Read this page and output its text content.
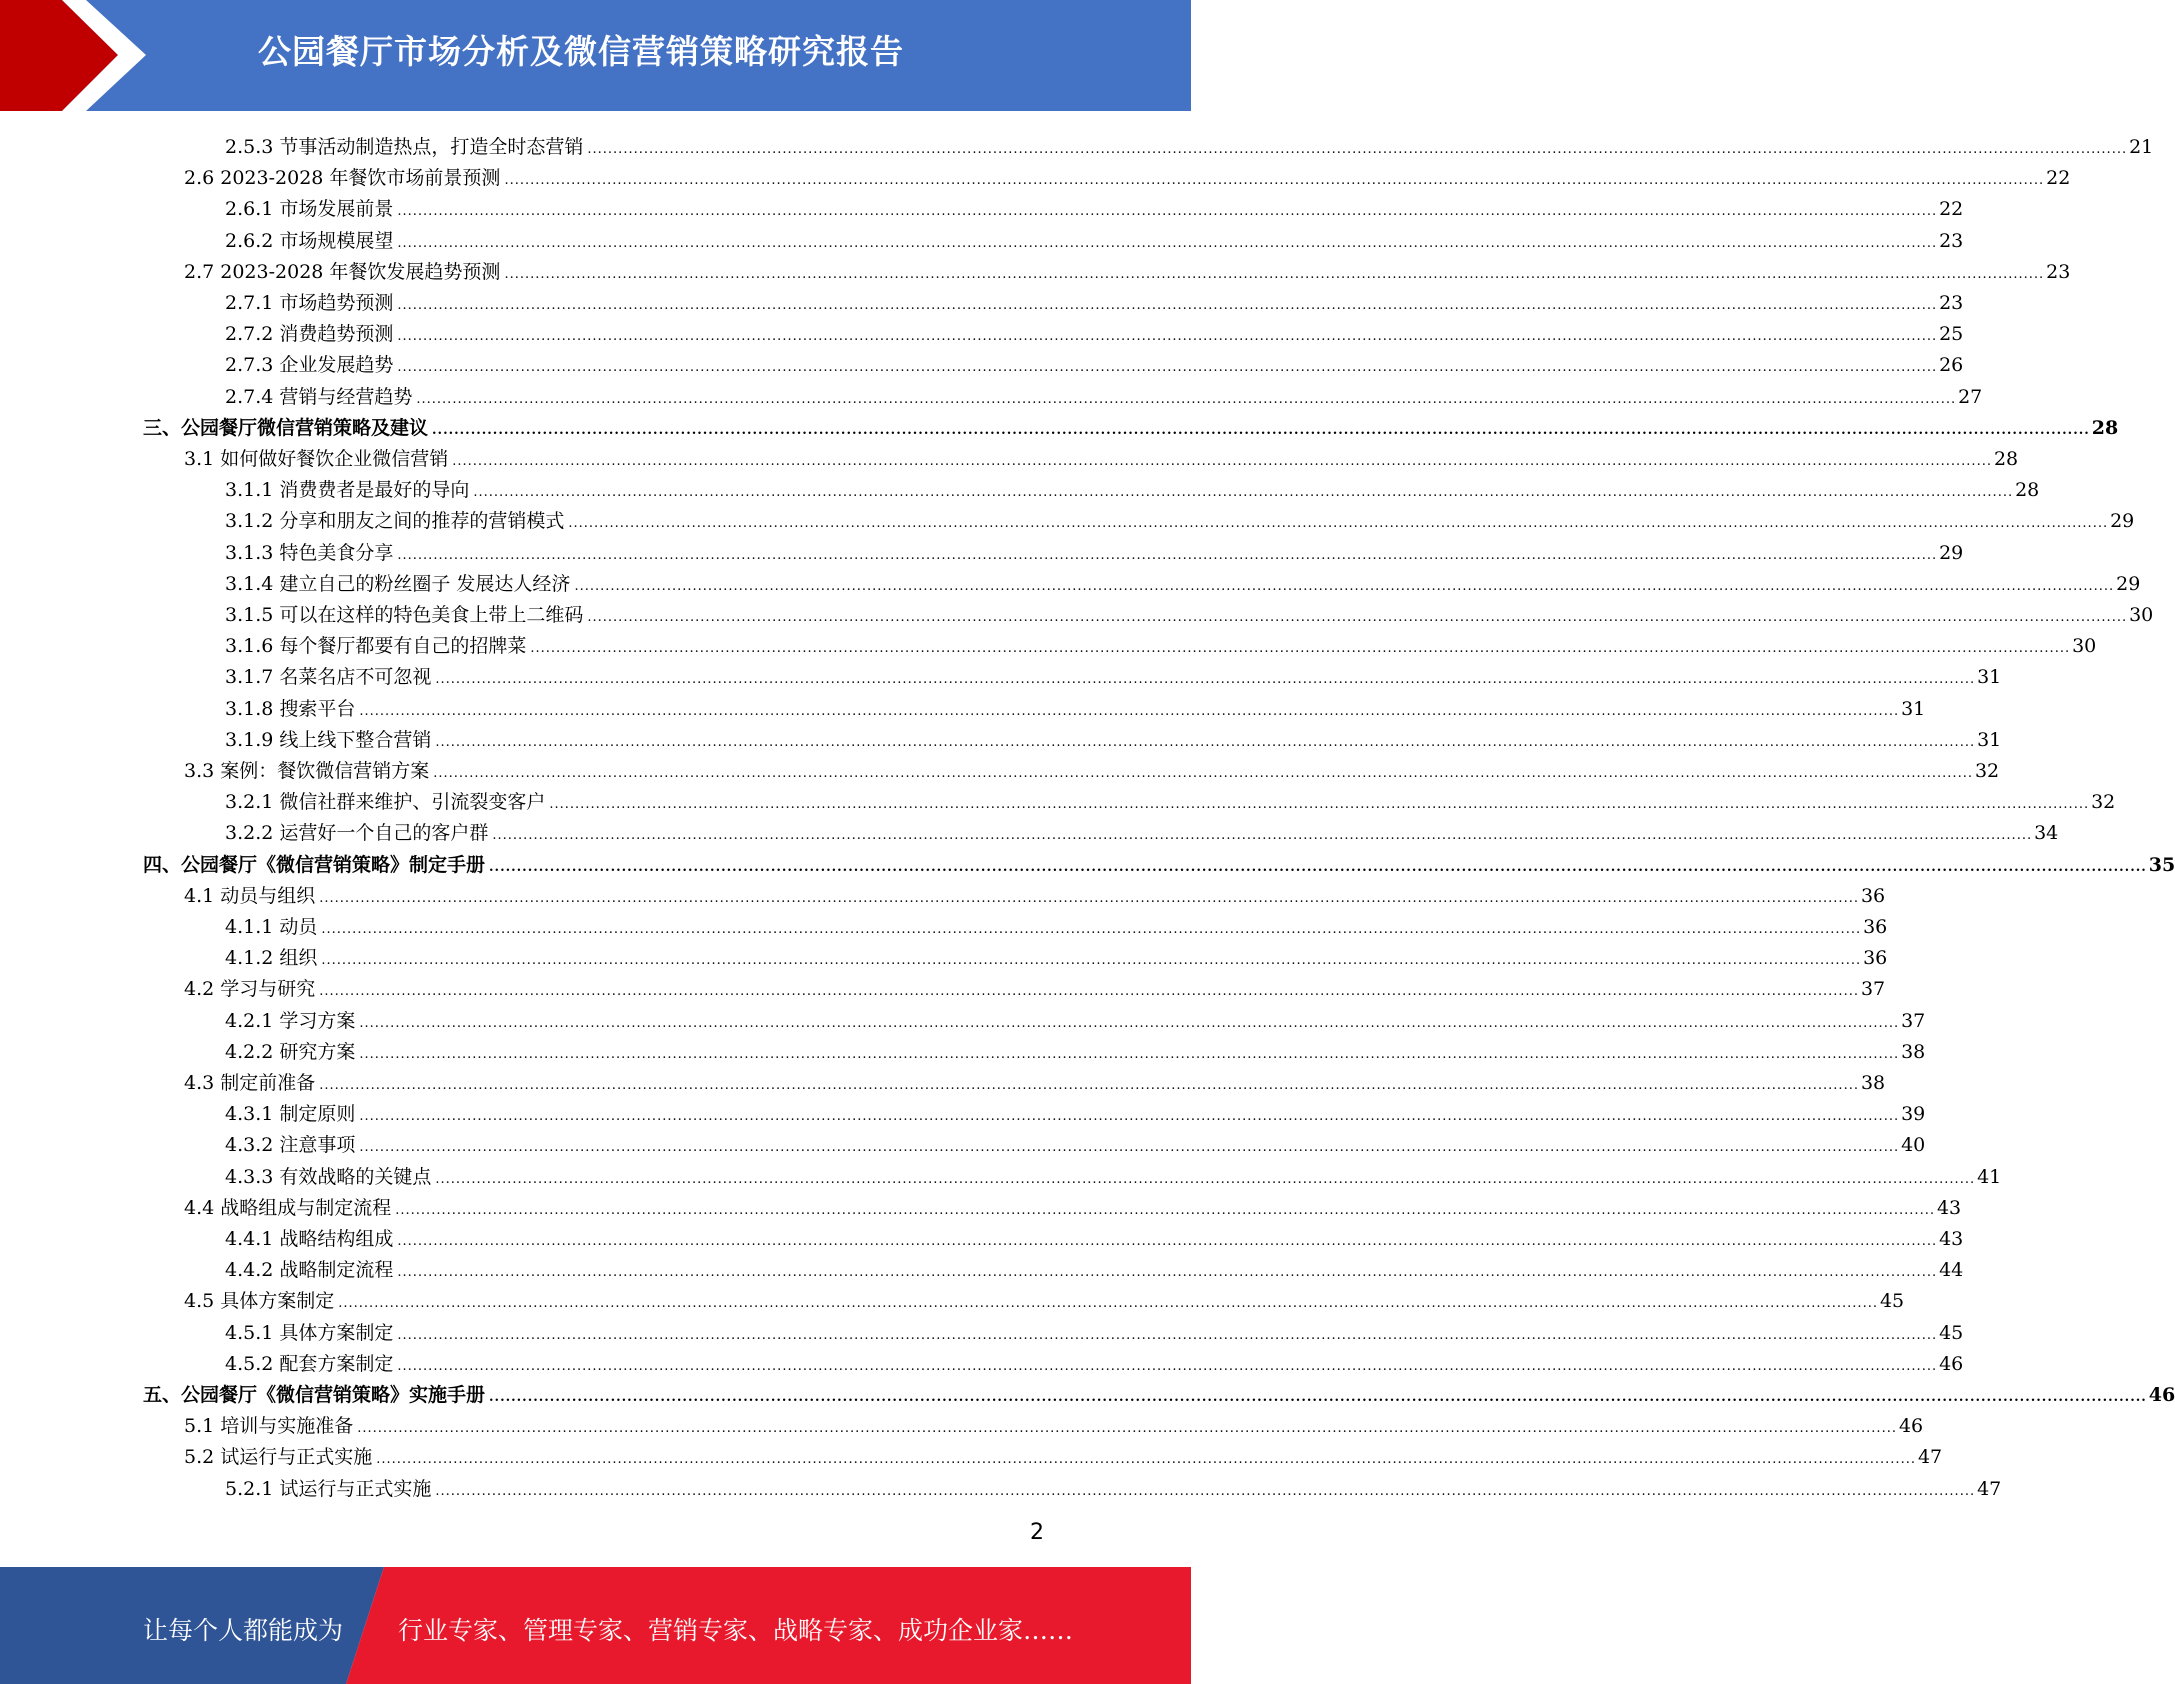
公园餐厅市场分析及微信营销策略研究报告
2.5.3 节事活动制造热点，打造全时态营销 ............................................................................................................................................................................................................................................................................................................ 21
2.6 2023-2028 年餐饮市场前景预测 ............................................................................................................................................................................................................................................................................................................ 22
2.6.1 市场发展前景 ............................................................................................................................................................................................................................................................................................................ 22
2.6.2 市场规模展望 ............................................................................................................................................................................................................................................................................................................ 23
2.7 2023-2028 年餐饮发展趋势预测 ............................................................................................................................................................................................................................................................................................................ 23
2.7.1 市场趋势预测 ............................................................................................................................................................................................................................................................................................................ 23
2.7.2 消费趋势预测 ............................................................................................................................................................................................................................................................................................................ 25
2.7.3 企业发展趋势 ............................................................................................................................................................................................................................................................................................................ 26
2.7.4 营销与经营趋势 ............................................................................................................................................................................................................................................................................................................ 27
三、公园餐厅微信营销策略及建议 ............................................................................................................................................................................................................................................................................................................ 28
3.1 如何做好餐饮企业微信营销 ............................................................................................................................................................................................................................................................................................................ 28
3.1.1 消费费者是最好的导向 ............................................................................................................................................................................................................................................................................................................ 28
3.1.2 分享和朋友之间的推荐的营销模式 ............................................................................................................................................................................................................................................................................................................ 29
3.1.3 特色美食分享 ............................................................................................................................................................................................................................................................................................................ 29
3.1.4 建立自己的粉丝圈子 发展达人经济 ............................................................................................................................................................................................................................................................................................................ 29
3.1.5 可以在这样的特色美食上带上二维码 ............................................................................................................................................................................................................................................................................................................ 30
3.1.6 每个餐厅都要有自己的招牌菜 ............................................................................................................................................................................................................................................................................................................ 30
3.1.7 名菜名店不可忽视 ............................................................................................................................................................................................................................................................................................................ 31
3.1.8 搜索平台 ............................................................................................................................................................................................................................................................................................................ 31
3.1.9 线上线下整合营销 ............................................................................................................................................................................................................................................................................................................ 31
3.3 案例：餐饮微信营销方案 ............................................................................................................................................................................................................................................................................................................ 32
3.2.1 微信社群来维护、引流裂变客户 ............................................................................................................................................................................................................................................................................................................ 32
3.2.2 运营好一个自己的客户群 ............................................................................................................................................................................................................................................................................................................ 34
四、公园餐厅《微信营销策略》制定手册 ............................................................................................................................................................................................................................................................................................................ 35
4.1 动员与组织 ............................................................................................................................................................................................................................................................................................................ 36
4.1.1 动员 ............................................................................................................................................................................................................................................................................................................ 36
4.1.2 组织 ............................................................................................................................................................................................................................................................................................................ 36
4.2 学习与研究 ............................................................................................................................................................................................................................................................................................................ 37
4.2.1 学习方案 ............................................................................................................................................................................................................................................................................................................ 37
4.2.2 研究方案 ............................................................................................................................................................................................................................................................................................................ 38
4.3 制定前准备 ............................................................................................................................................................................................................................................................................................................ 38
4.3.1 制定原则 ............................................................................................................................................................................................................................................................................................................ 39
4.3.2 注意事项 ............................................................................................................................................................................................................................................................................................................ 40
4.3.3 有效战略的关键点 ............................................................................................................................................................................................................................................................................................................ 41
4.4 战略组成与制定流程 ............................................................................................................................................................................................................................................................................................................ 43
4.4.1 战略结构组成 ............................................................................................................................................................................................................................................................................................................ 43
4.4.2 战略制定流程 ............................................................................................................................................................................................................................................................................................................ 44
4.5 具体方案制定 ............................................................................................................................................................................................................................................................................................................ 45
4.5.1 具体方案制定 ............................................................................................................................................................................................................................................................................................................ 45
4.5.2 配套方案制定 ............................................................................................................................................................................................................................................................................................................ 46
五、公园餐厅《微信营销策略》实施手册 ............................................................................................................................................................................................................................................................................................................ 46
5.1 培训与实施准备 ............................................................................................................................................................................................................................................................................................................ 46
5.2 试运行与正式实施 ............................................................................................................................................................................................................................................................................................................ 47
5.2.1 试运行与正式实施 ............................................................................................................................................................................................................................................................................................................ 47
2
让每个人都能成为 行业专家、管理专家、营销专家、战略专家、成功企业家……
